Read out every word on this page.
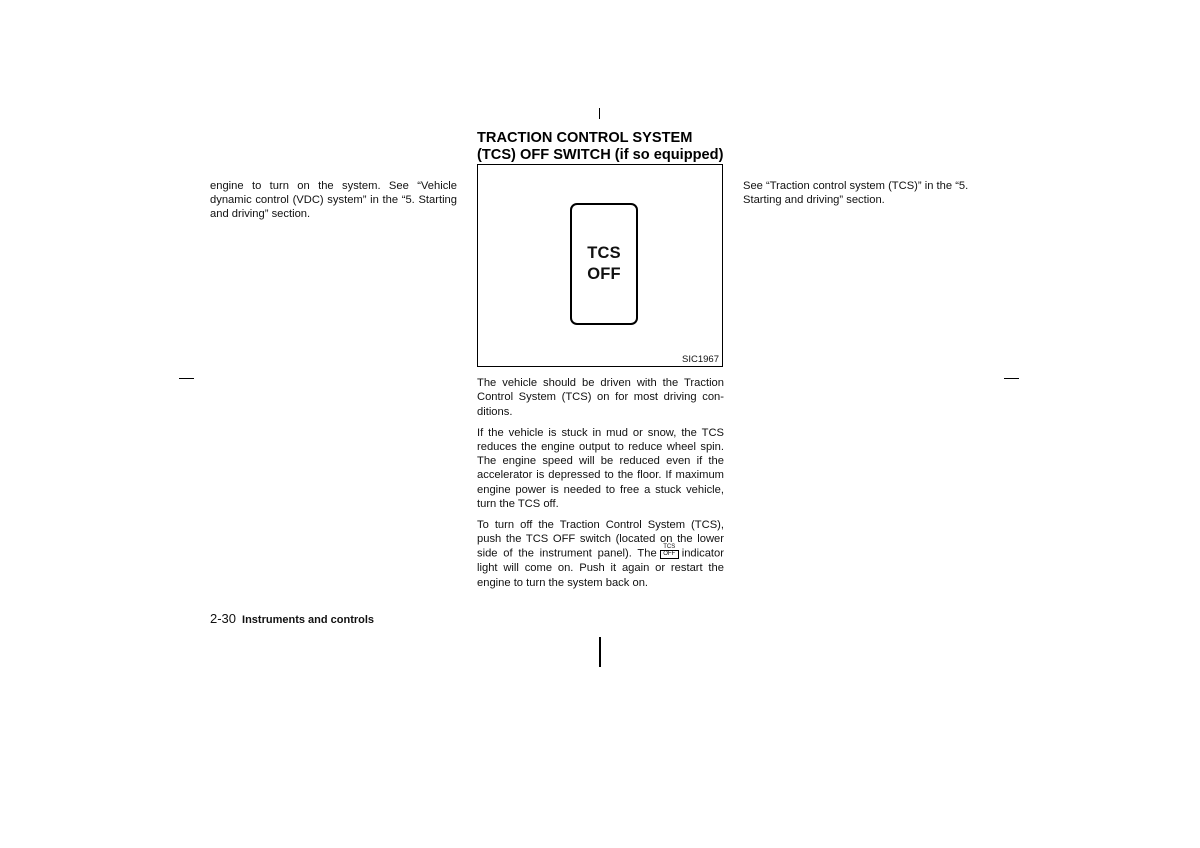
engine to turn on the system. See “Vehicle dynamic control (VDC) system” in the “5. Starting and driving” section.

TRACTION CONTROL SYSTEM (TCS) OFF SWITCH (if so equipped)
TCS
OFF
SIC1967

The vehicle should be driven with the Traction Control System (TCS) on for most driving conditions.

If the vehicle is stuck in mud or snow, the TCS reduces the engine output to reduce wheel spin. The engine speed will be reduced even if the accelerator is depressed to the floor. If maximum engine power is needed to free a stuck vehicle, turn the TCS off.

To turn off the Traction Control System (TCS), push the TCS OFF switch (located on the lower side of the instrument panel). The
TCS
OFF indicator light will come on. Push it again or restart the engine to turn the system back on.

See “Traction control system (TCS)” in the “5. Starting and driving” section.

2-30 Instruments and controls
